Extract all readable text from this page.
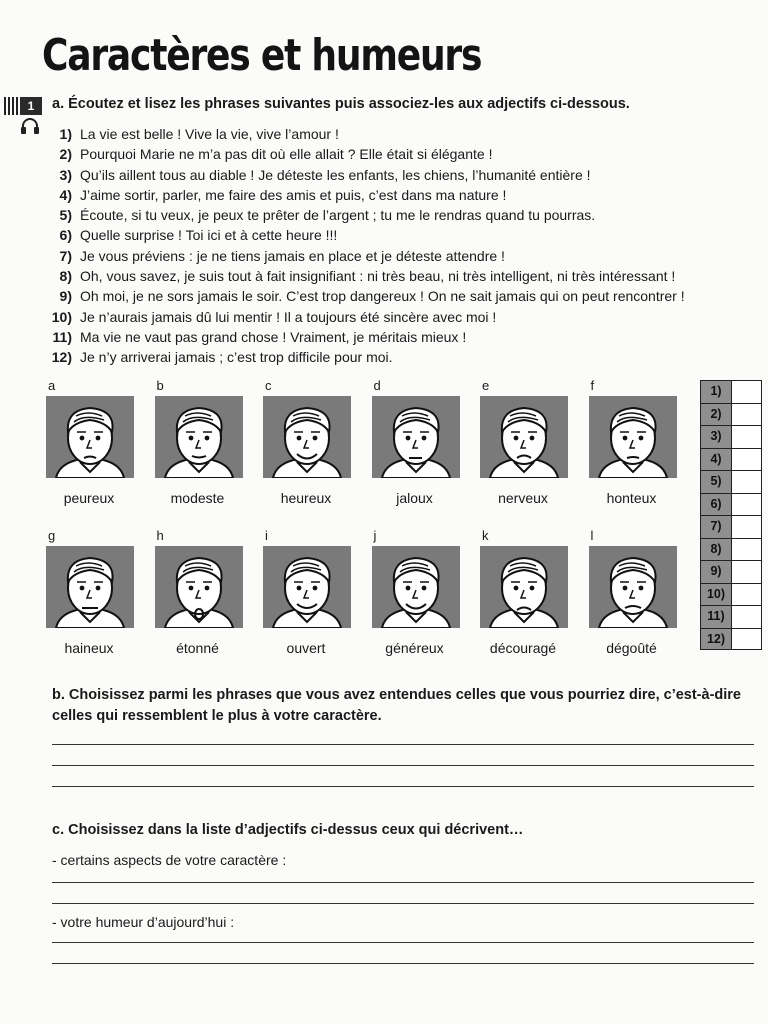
Caractères et humeurs
1	a. Écoutez et lisez les phrases suivantes puis associez-les aux adjectifs ci-dessous.
1) La vie est belle ! Vive la vie, vive l’amour !
2) Pourquoi Marie ne m’a pas dit où elle allait ? Elle était si élégante !
3) Qu’ils aillent tous au diable ! Je déteste les enfants, les chiens, l’humanité entière !
4) J’aime sortir, parler, me faire des amis et puis, c’est dans ma nature !
5) Écoute, si tu veux, je peux te prêter de l’argent ; tu me le rendras quand tu pourras.
6) Quelle surprise ! Toi ici et à cette heure !!!
7) Je vous préviens : je ne tiens jamais en place et je déteste attendre !
8) Oh, vous savez, je suis tout à fait insignifiant : ni très beau, ni très intelligent, ni très intéressant !
9) Oh moi, je ne sors jamais le soir. C’est trop dangereux ! On ne sait jamais qui on peut rencontrer !
10) Je n’aurais jamais dû lui mentir ! Il a toujours été sincère avec moi !
11) Ma vie ne vaut pas grand chose ! Vraiment, je méritais mieux !
12) Je n’y arriverai jamais ; c’est trop difficile pour moi.
a
peureux
b
modeste
c
heureux
d
jaloux
e
nerveux
f
honteux
g
haineux
h
étonné
i
ouvert
j
généreux
k
découragé
l
dégoûté
1)
2)
3)
4)
5)
6)
7)
8)
9)
10)
11)
12)
b. Choisissez parmi les phrases que vous avez entendues celles que vous pourriez dire, c’est-à-dire celles qui ressemblent le plus à votre caractère.
c. Choisissez dans la liste d’adjectifs ci-dessus ceux qui décrivent…
- certains aspects de votre caractère :
- votre humeur d’aujourd’hui :
